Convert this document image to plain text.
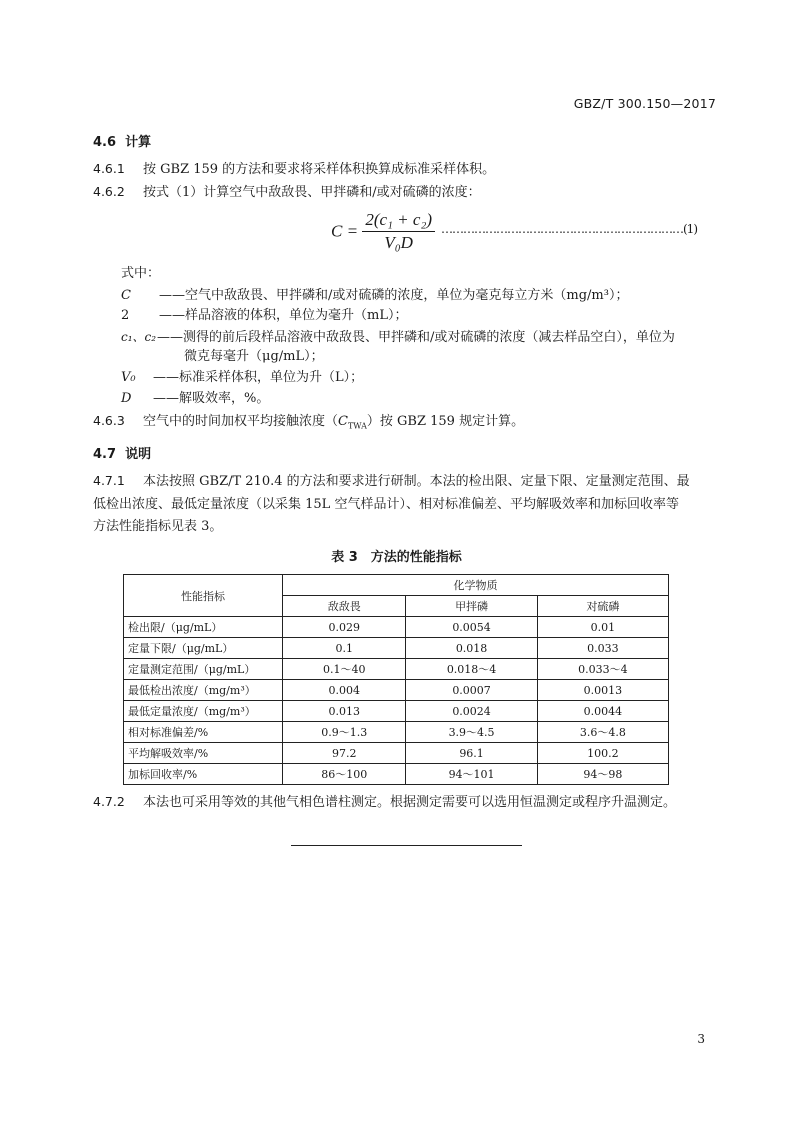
GBZ/T 300.150—2017
4.6 计算
4.6.1 按 GBZ 159 的方法和要求将采样体积换算成标准采样体积。
4.6.2 按式（1）计算空气中敌敌畏、甲拌磷和/或对硫磷的浓度：
$C = \frac{\text{2(c₁ + c₂)}}{\text{V₀D}}$ …………………………………………………………(1)
式中：
C ——空气中敌敌畏、甲拌磷和/或对硫磷的浓度，单位为毫克每立方米（mg/m³）；
2 ——样品溶液的体积，单位为毫升（mL）；
c₁、c₂——测得的前后段样品溶液中敌敌畏、甲拌磷和/或对硫磷的浓度（减去样品空白），单位为
微克每毫升（μg/mL）；
V₀ ——标准采样体积，单位为升（L）；
D ——解吸效率，%。
4.6.3 空气中的时间加权平均接触浓度$(C_{TWA})$按 GBZ 159 规定计算。
4.7 说明
4.7.1 本法按照 GBZ/T 210.4 的方法和要求进行研制。本法的检出限、定量下限、定量测定范围、最
低检出浓度、最低定量浓度（以采集 15L 空气样品计）、相对标准偏差、平均解吸效率和加标回收率等
方法性能指标见表 3。
表 3　方法的性能指标
性能指标	化学物质		
	敌敌畏	甲拌磷	对硫磷
检出限/（μg/mL）	0.029	0.0054	0.01
定量下限/（μg/mL）	0.1	0.018	0.033
定量测定范围/（μg/mL）	0.1～40	0.018～4	0.033～4
最低检出浓度/（mg/m³）	0.004	0.0007	0.0013
最低定量浓度/（mg/m³）	0.013	0.0024	0.0044
相对标准偏差/%	0.9～1.3	3.9～4.5	3.6～4.8
平均解吸效率/%	97.2	96.1	100.2
加标回收率/%	86～100	94～101	94～98
4.7.2 本法也可采用等效的其他气相色谱柱测定。根据测定需要可以选用恒温测定或程序升温测定。
3
